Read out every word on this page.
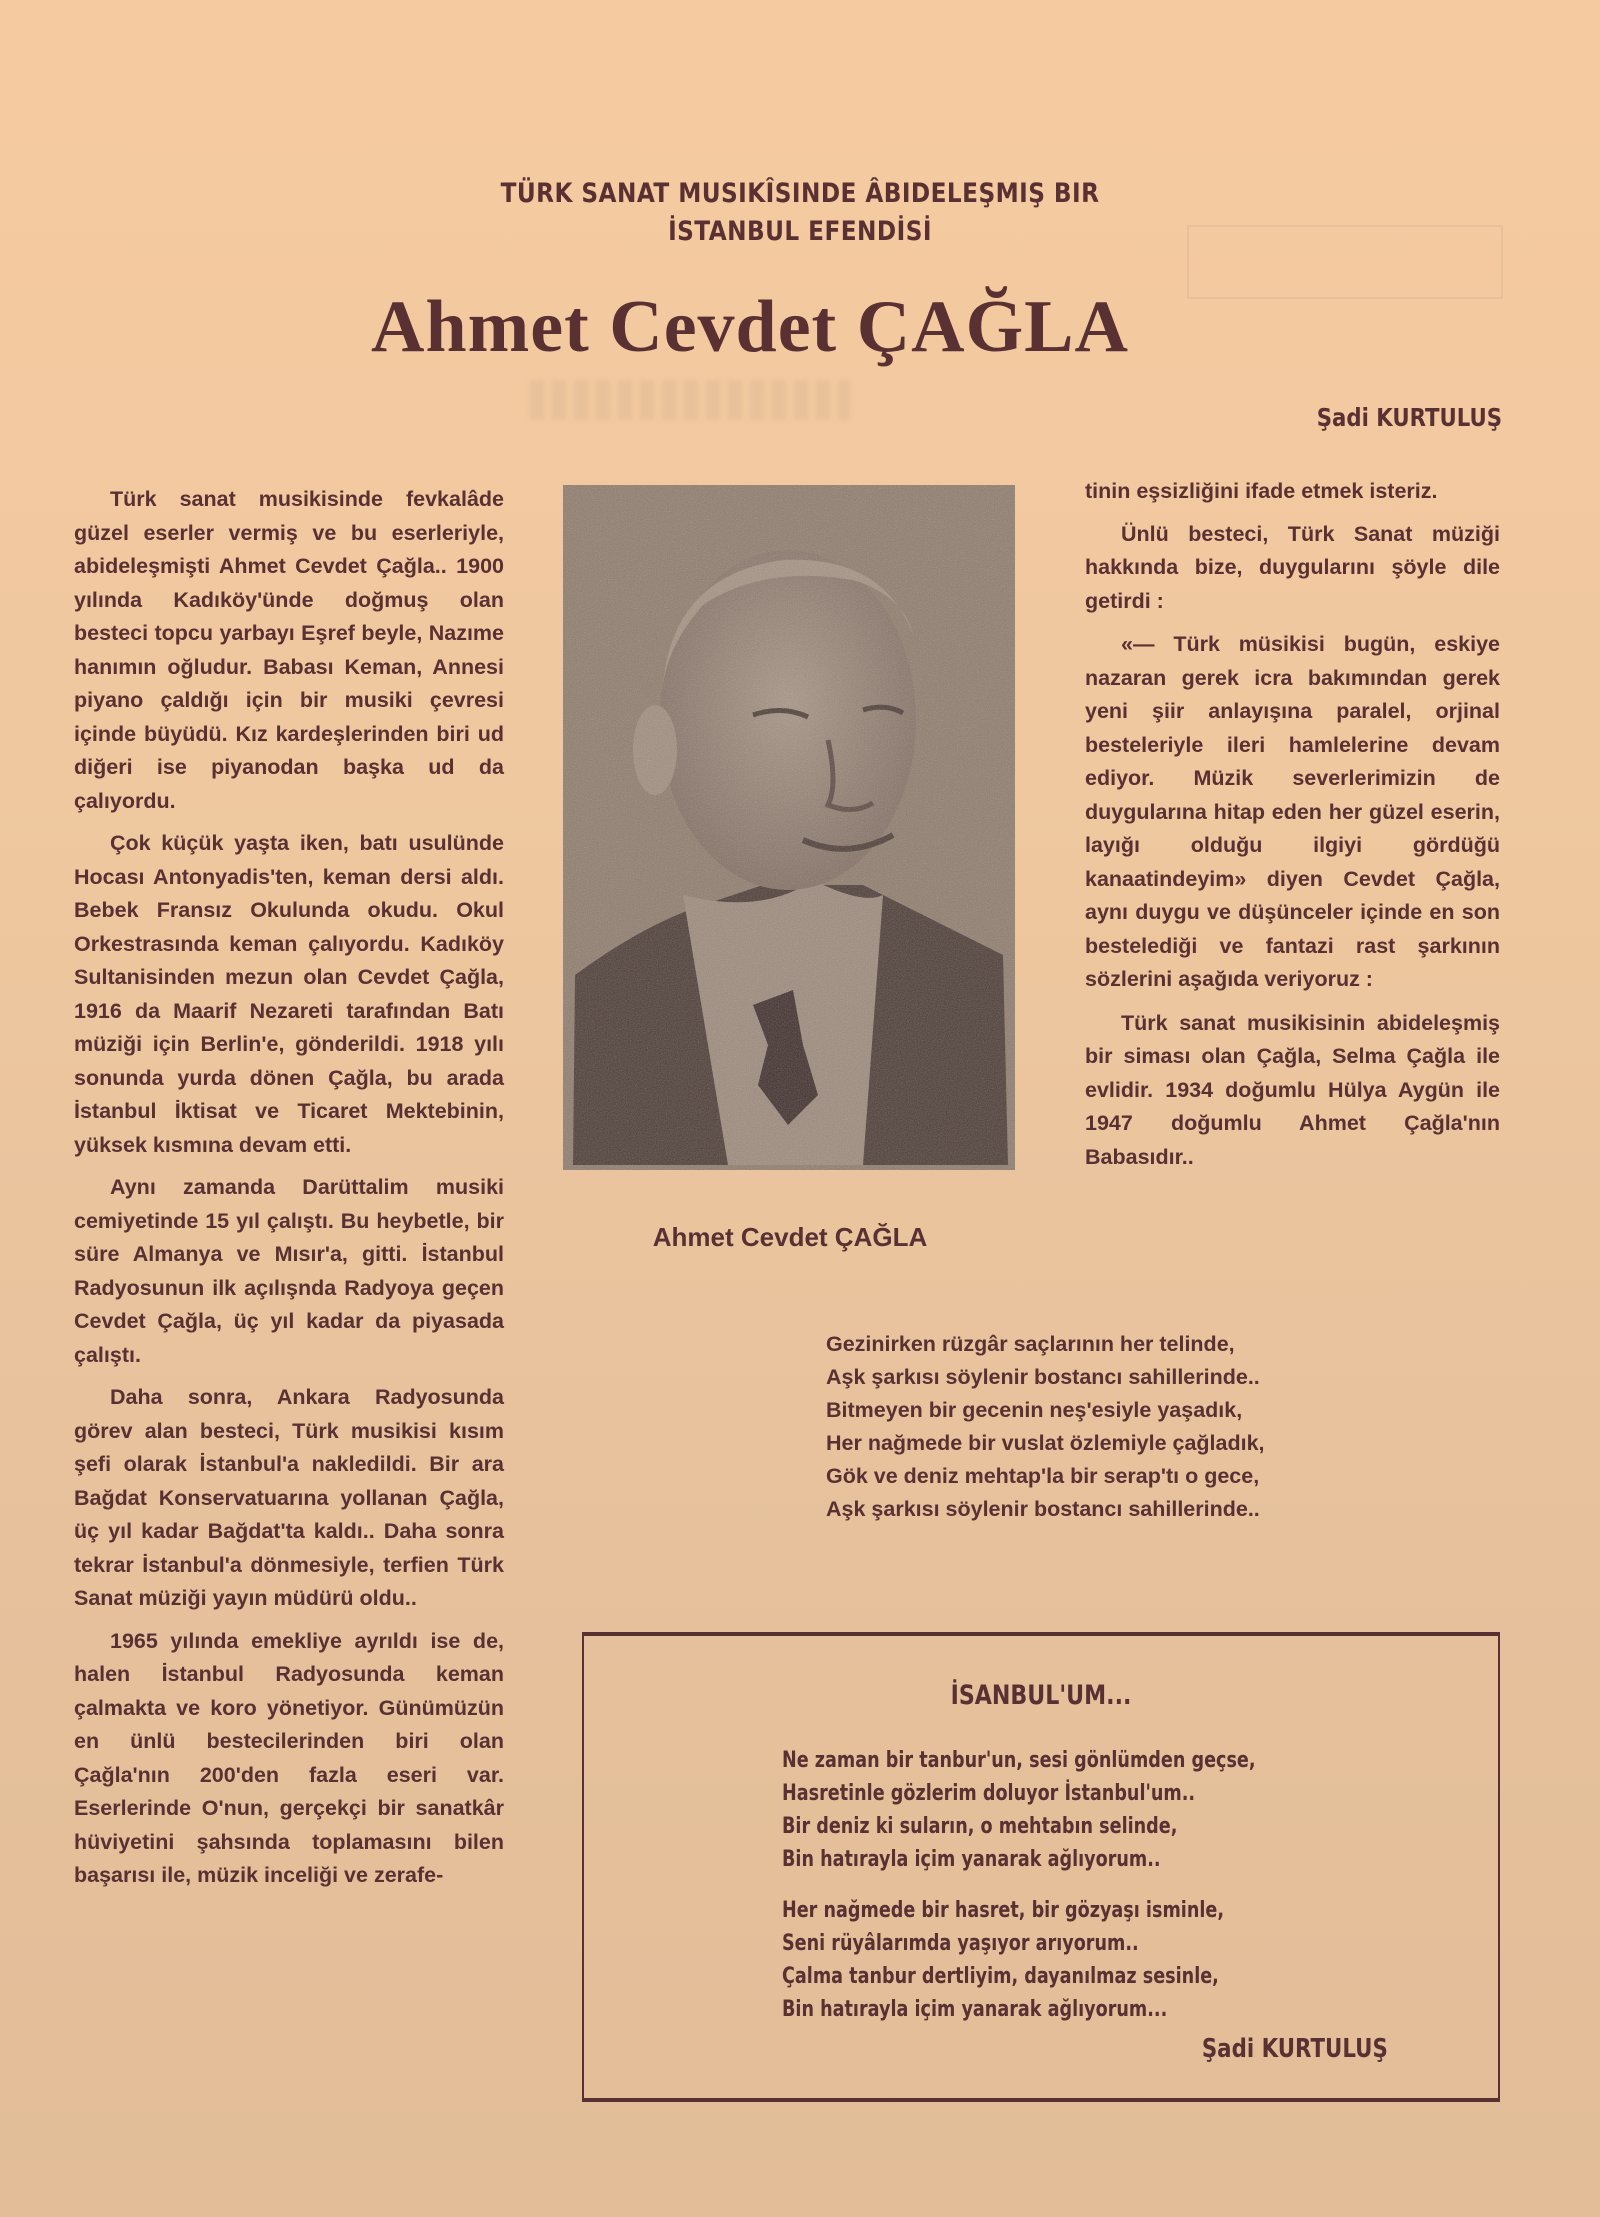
TÜRK SANAT MUSIKÎSINDE ÂBIDELEŞMIŞ BIR
İSTANBUL EFENDİSİ
Ahmet Cevdet ÇAĞLA
Şadi KURTULUŞ

Türk sanat musikisinde fevkalâde güzel eserler vermiş ve bu eserleriyle, abideleşmişti Ahmet Cevdet Çağla.. 1900 yılında Kadıköy'ünde doğmuş olan besteci topcu yarbayı Eşref beyle, Nazıme hanımın oğludur. Babası Keman, Annesi piyano çaldığı için bir musiki çevresi içinde büyüdü. Kız kardeşlerinden biri ud diğeri ise piyanodan başka ud da çalıyordu.

Çok küçük yaşta iken, batı usulünde Hocası Antonyadis'ten, keman dersi aldı. Bebek Fransız Okulunda okudu. Okul Orkestrasında keman çalıyordu. Kadıköy Sultanisinden mezun olan Cevdet Çağla, 1916 da Maarif Nezareti tarafından Batı müziği için Berlin'e, gönderildi. 1918 yılı sonunda yurda dönen Çağla, bu arada İstanbul İktisat ve Ticaret Mektebinin, yüksek kısmına devam etti.

Aynı zamanda Darüttalim musiki cemiyetinde 15 yıl çalıştı. Bu heybetle, bir süre Almanya ve Mısır'a, gitti. İstanbul Radyosunun ilk açılışnda Radyoya geçen Cevdet Çağla, üç yıl kadar da piyasada çalıştı.

Daha sonra, Ankara Radyosunda görev alan besteci, Türk musikisi kısım şefi olarak İstanbul'a nakledildi. Bir ara Bağdat Konservatuarına yollanan Çağla, üç yıl kadar Bağdat'ta kaldı.. Daha sonra tekrar İstanbul'a dönmesiyle, terfien Türk Sanat müziği yayın müdürü oldu..

1965 yılında emekliye ayrıldı ise de, halen İstanbul Radyosunda keman çalmakta ve koro yönetiyor. Günümüzün en ünlü bestecilerinden biri olan Çağla'nın 200'den fazla eseri var. Eserlerinde O'nun, gerçekçi bir sanatkâr hüviyetini şahsında toplamasını bilen başarısı ile, müzik inceliği ve zerafe-

Ahmet Cevdet ÇAĞLA

tinin eşsizliğini ifade etmek isteriz.

Ünlü besteci, Türk Sanat müziği hakkında bize, duygularını şöyle dile getirdi :

«— Türk müsikisi bugün, eskiye nazaran gerek icra bakımından gerek yeni şiir anlayışına paralel, orjinal besteleriyle ileri hamlelerine devam ediyor. Müzik severlerimizin de duygularına hitap eden her güzel eserin, layığı olduğu ilgiyi gördüğü kanaatindeyim» diyen Cevdet Çağla, aynı duygu ve düşünceler içinde en son bestelediği ve fantazi rast şarkının sözlerini aşağıda veriyoruz :

Türk sanat musikisinin abideleşmiş bir siması olan Çağla, Selma Çağla ile evlidir. 1934 doğumlu Hülya Aygün ile 1947 doğumlu Ahmet Çağla'nın Babasıdır..

Gezinirken rüzgâr saçlarının her telinde,
Aşk şarkısı söylenir bostancı sahillerinde..
Bitmeyen bir gecenin neş'esiyle yaşadık,
Her nağmede bir vuslat özlemiyle çağladık,
Gök ve deniz mehtap'la bir serap'tı o gece,
Aşk şarkısı söylenir bostancı sahillerinde..
İSANBUL'UM...
Ne zaman bir tanbur'un, sesi gönlümden geçse,
Hasretinle gözlerim doluyor İstanbul'um..
Bir deniz ki suların, o mehtabın selinde,
Bin hatırayla içim yanarak ağlıyorum..
Her nağmede bir hasret, bir gözyaşı isminle,
Seni rüyâlarımda yaşıyor arıyorum..
Çalma tanbur dertliyim, dayanılmaz sesinle,
Bin hatırayla içim yanarak ağlıyorum...
Şadi KURTULUŞ
